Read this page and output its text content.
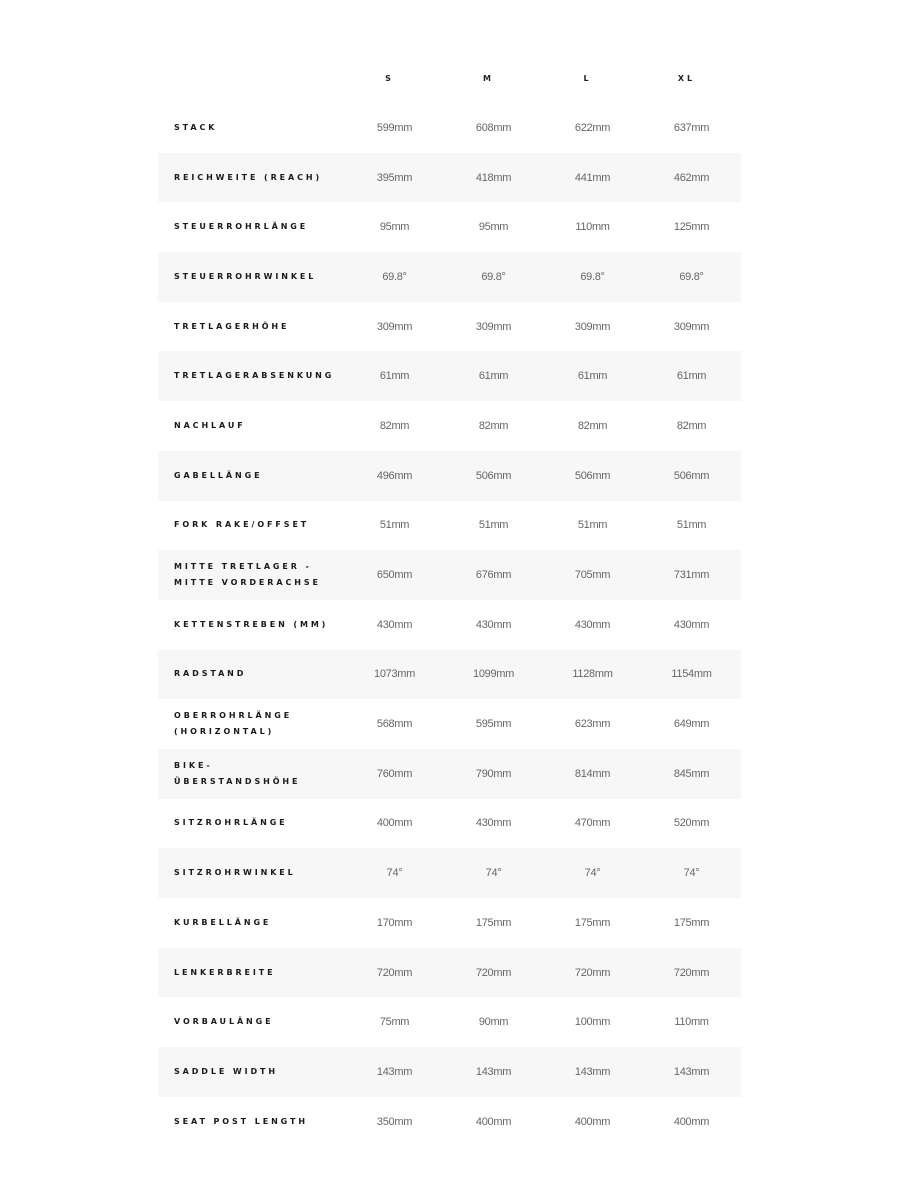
S	M	L	XL
STACK	599mm	608mm	622mm	637mm
REICHWEITE (REACH)	395mm	418mm	441mm	462mm
STEUERROHRLÄNGE	95mm	95mm	110mm	125mm
STEUERROHRWINKEL	69.8°	69.8°	69.8°	69.8°
TRETLAGERHÖHE	309mm	309mm	309mm	309mm
TRETLAGERABSENKUNG	61mm	61mm	61mm	61mm
NACHLAUF	82mm	82mm	82mm	82mm
GABELLÄNGE	496mm	506mm	506mm	506mm
FORK RAKE/OFFSET	51mm	51mm	51mm	51mm
MITTE TRETLAGER -
MITTE VORDERACHSE
650mm	676mm	705mm	731mm
KETTENSTREBEN (MM)	430mm	430mm	430mm	430mm
RADSTAND	1073mm	1099mm	1128mm	1154mm
OBERROHRLÄNGE
(HORIZONTAL)
568mm	595mm	623mm	649mm
BIKE-
ÜBERSTANDSHÖHE
760mm	790mm	814mm	845mm
SITZROHRLÄNGE	400mm	430mm	470mm	520mm
SITZROHRWINKEL	74°	74°	74°	74°
KURBELLÄNGE	170mm	175mm	175mm	175mm
LENKERBREITE	720mm	720mm	720mm	720mm
VORBAULÄNGE	75mm	90mm	100mm	110mm
SADDLE WIDTH	143mm	143mm	143mm	143mm
SEAT POST LENGTH	350mm	400mm	400mm	400mm
